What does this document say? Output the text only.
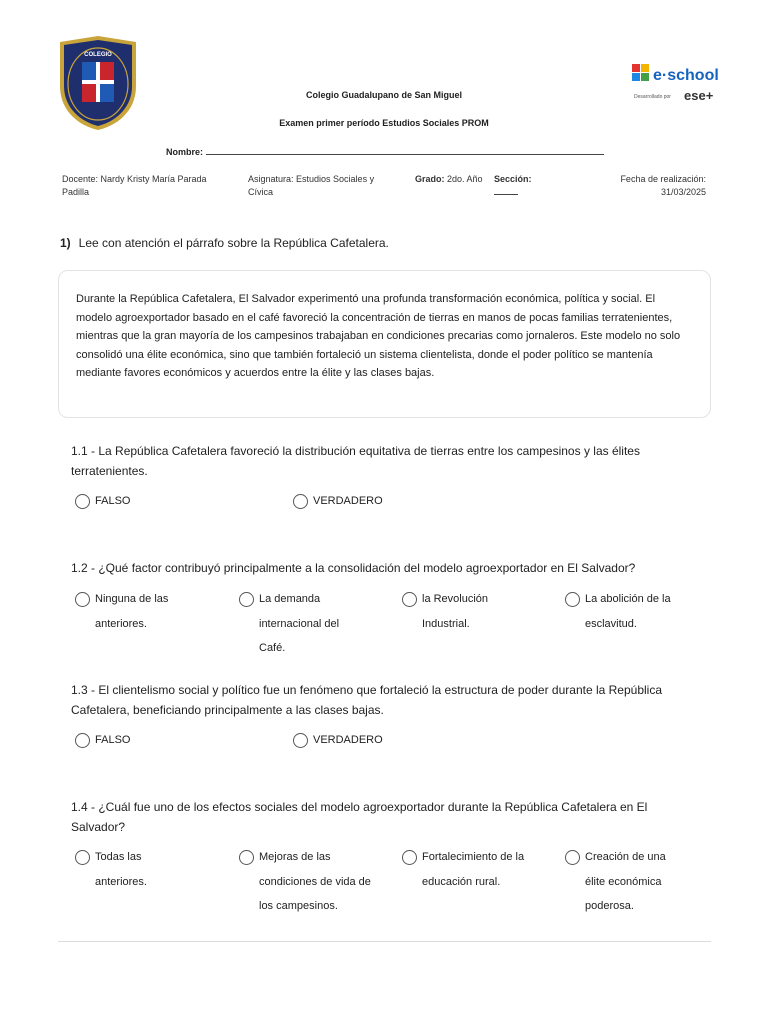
COLEGIO
e·school
Desarrollado por ese+
Colegio Guadalupano de San Miguel
Examen primer período Estudios Sociales PROM
Nombre:
Docente: Nardy Kristy María Parada Padilla
Asignatura: Estudios Sociales y Cívica
Grado: 2do. Año Sección:	Fecha de realización:
31/03/2025
1) Lee con atención el párrafo sobre la República Cafetalera.
Durante la República Cafetalera, El Salvador experimentó una profunda transformación económica, política y social. El modelo agroexportador basado en el café favoreció la concentración de tierras en manos de pocas familias terratenientes, mientras que la gran mayoría de los campesinos trabajaban en condiciones precarias como jornaleros. Este modelo no solo consolidó una élite económica, sino que también fortaleció un sistema clientelista, donde el poder político se mantenía mediante favores económicos y acuerdos entre la élite y las clases bajas.
1.1 - La República Cafetalera favoreció la distribución equitativa de tierras entre los campesinos y las élites terratenientes.
FALSO	VERDADERO
1.2 - ¿Qué factor contribuyó principalmente a la consolidación del modelo agroexportador en El Salvador?
Ninguna de las anteriores.
La demanda internacional del Café.
la Revolución Industrial.
La abolición de la esclavitud.
1.3 - El clientelismo social y político fue un fenómeno que fortaleció la estructura de poder durante la República Cafetalera, beneficiando principalmente a las clases bajas.
FALSO	VERDADERO
1.4 - ¿Cuál fue uno de los efectos sociales del modelo agroexportador durante la República Cafetalera en El Salvador?
Todas las anteriores.
Mejoras de las condiciones de vida de los campesinos.
Fortalecimiento de la educación rural.
Creación de una élite económica poderosa.
